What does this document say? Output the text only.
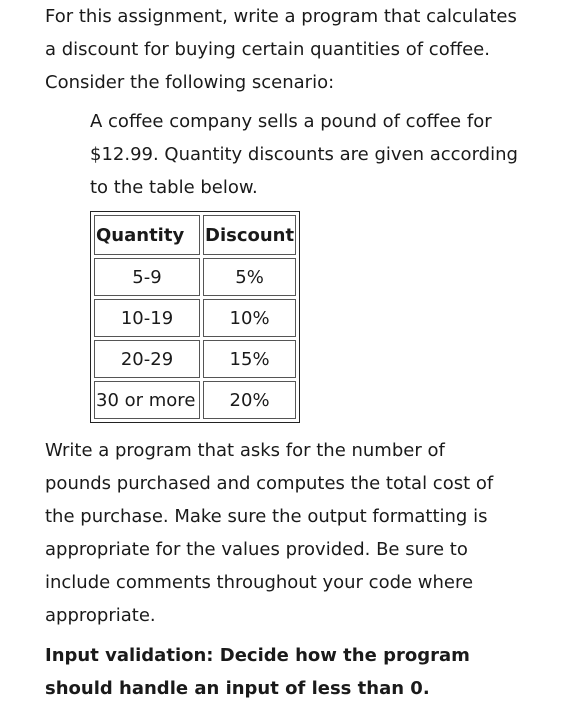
For this assignment, write a program that calculates
a discount for buying certain quantities of coffee.
Consider the following scenario:

A coffee company sells a pound of coffee for
$12.99. Quantity discounts are given according
to the table below.

Quantity	Discount
5-9	5%
10-19	10%
20-29	15%
30 or more	20%

Write a program that asks for the number of
pounds purchased and computes the total cost of
the purchase. Make sure the output formatting is
appropriate for the values provided. Be sure to
include comments throughout your code where
appropriate.

Input validation: Decide how the program
should handle an input of less than 0.
